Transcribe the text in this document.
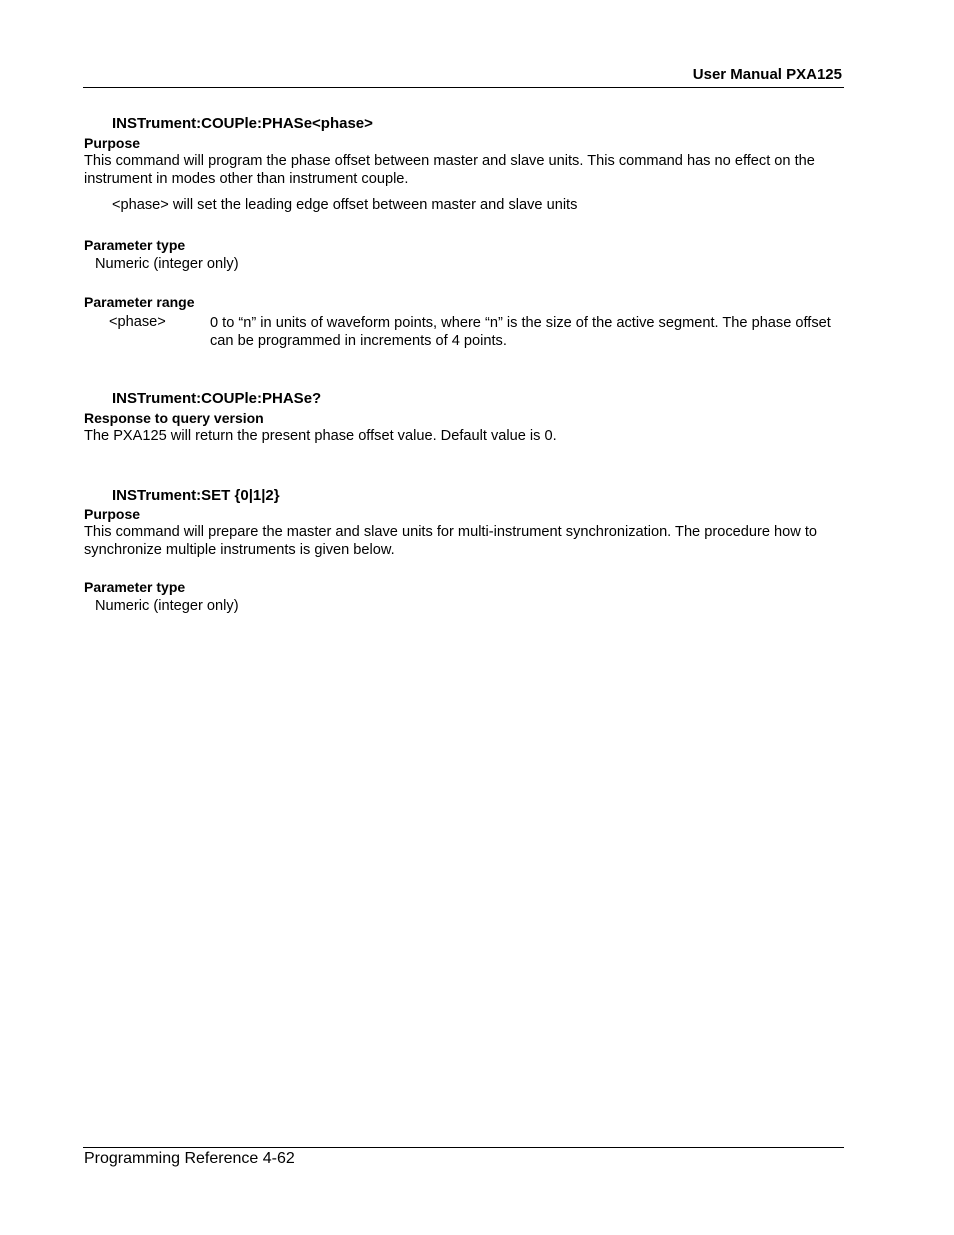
User Manual PXA125
INSTrument:COUPle:PHASe<phase>
Purpose
This command will program the phase offset between master and slave units. This command has no effect on the instrument in modes other than instrument couple.
<phase> will set the leading edge offset between master and slave units
Parameter type
Numeric (integer only)
Parameter range
<phase>	0 to “n” in units of waveform points, where “n” is the size of the active segment. The phase offset can be programmed in increments of 4 points.
INSTrument:COUPle:PHASe?
Response to query version
The PXA125 will return the present phase offset value. Default value is 0.
INSTrument:SET {0|1|2}
Purpose
This command will prepare the master and slave units for multi-instrument synchronization. The procedure how to synchronize multiple instruments is given below.
Parameter type
Numeric (integer only)
Programming Reference 4-62
